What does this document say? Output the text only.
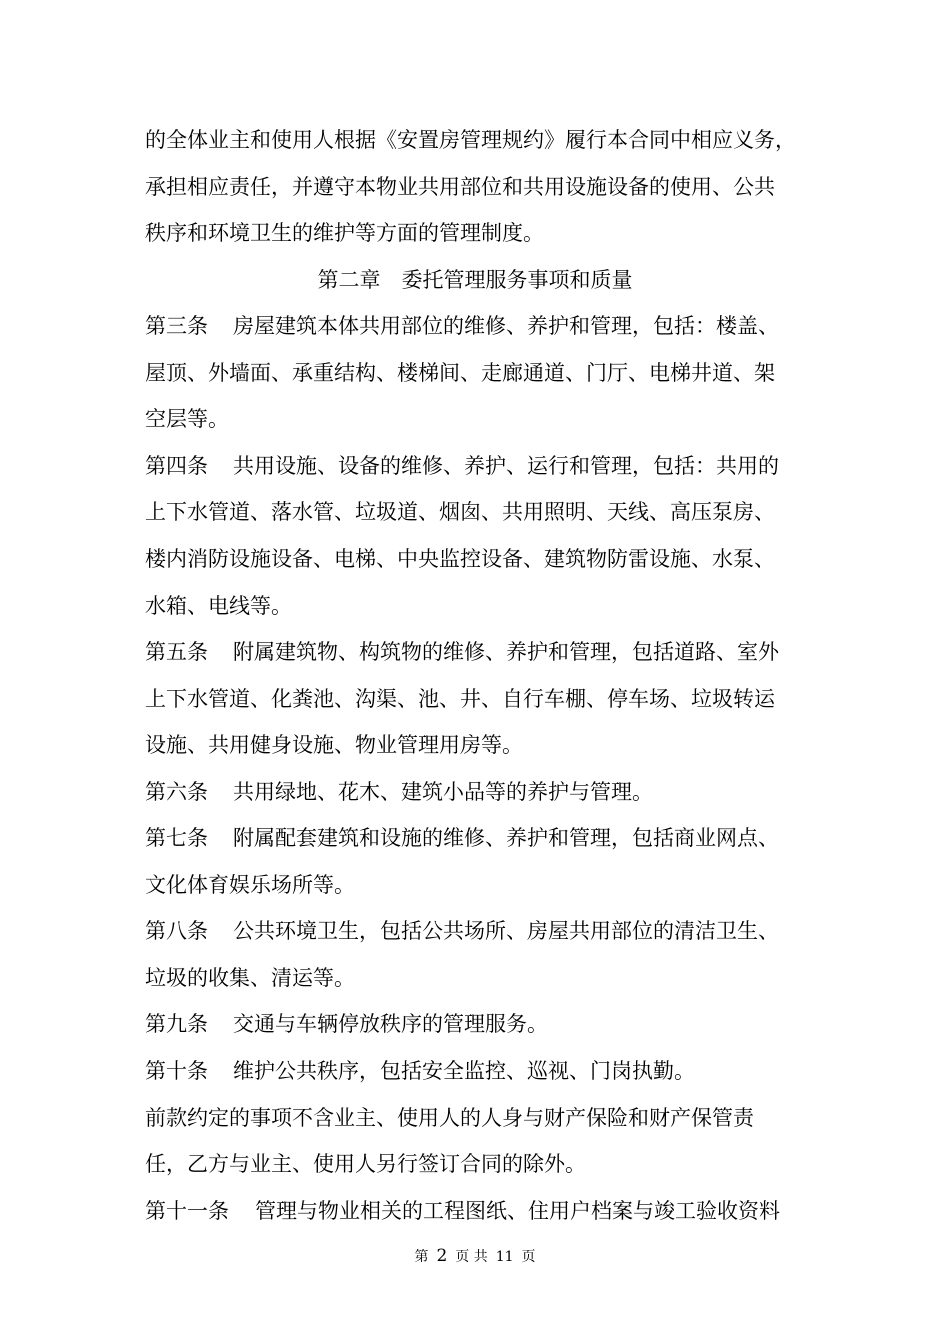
的全体业主和使用人根据《安置房管理规约》履行本合同中相应义务，
承担相应责任，并遵守本物业共用部位和共用设施设备的使用、公共
秩序和环境卫生的维护等方面的管理制度。
第二章　委托管理服务事项和质量
第三条 房屋建筑本体共用部位的维修、养护和管理，包括：楼盖、
屋顶、外墙面、承重结构、楼梯间、走廊通道、门厅、电梯井道、架
空层等。
第四条 共用设施、设备的维修、养护、运行和管理，包括：共用的
上下水管道、落水管、垃圾道、烟囱、共用照明、天线、高压泵房、
楼内消防设施设备、电梯、中央监控设备、建筑物防雷设施、水泵、
水箱、电线等。
第五条 附属建筑物、构筑物的维修、养护和管理，包括道路、室外
上下水管道、化粪池、沟渠、池、井、自行车棚、停车场、垃圾转运
设施、共用健身设施、物业管理用房等。
第六条 共用绿地、花木、建筑小品等的养护与管理。
第七条 附属配套建筑和设施的维修、养护和管理，包括商业网点、
文化体育娱乐场所等。
第八条 公共环境卫生，包括公共场所、房屋共用部位的清洁卫生、
垃圾的收集、清运等。
第九条 交通与车辆停放秩序的管理服务。
第十条 维护公共秩序，包括安全监控、巡视、门岗执勤。
前款约定的事项不含业主、使用人的人身与财产保险和财产保管责
任，乙方与业主、使用人另行签订合同的除外。
第十一条 管理与物业相关的工程图纸、住用户档案与竣工验收资料
第 2 页 共 11 页
